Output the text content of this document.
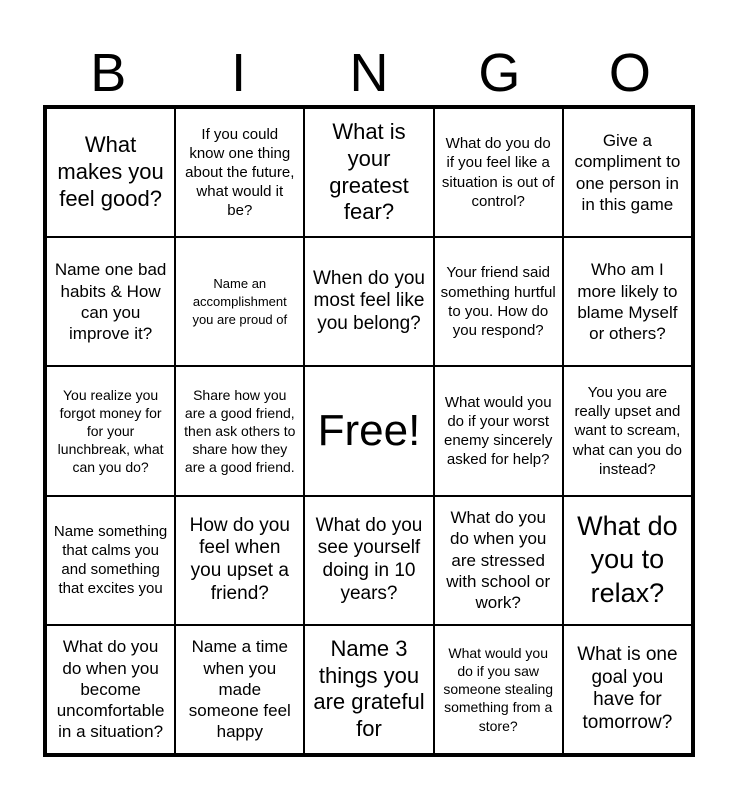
B	I	N	G	O
What makes you feel good?
If you could know one thing about the future, what would it be?
What is your greatest fear?
What do you do if you feel like a situation is out of control?
Give a compliment to one person in in this game
Name one bad habits & How can you improve it?
Name an accomplishment you are proud of
When do you most feel like you belong?
Your friend said something hurtful to you. How do you respond?
Who am I more likely to blame Myself or others?
You realize you forgot money for for your lunchbreak, what can you do?
Share how you are a good friend, then ask others to share how they are a good friend.
Free!
What would you do if your worst enemy sincerely asked for help?
You you are really upset and want to scream, what can you do instead?
Name something that calms you and something that excites you
How do you feel when you upset a friend?
What do you see yourself doing in 10 years?
What do you do when you are stressed with school or work?
What do you to relax?
What do you do when you become uncomfortable in a situation?
Name a time when you made someone feel happy
Name 3 things you are grateful for
What would you do if you saw someone stealing something from a store?
What is one goal you have for tomorrow?
